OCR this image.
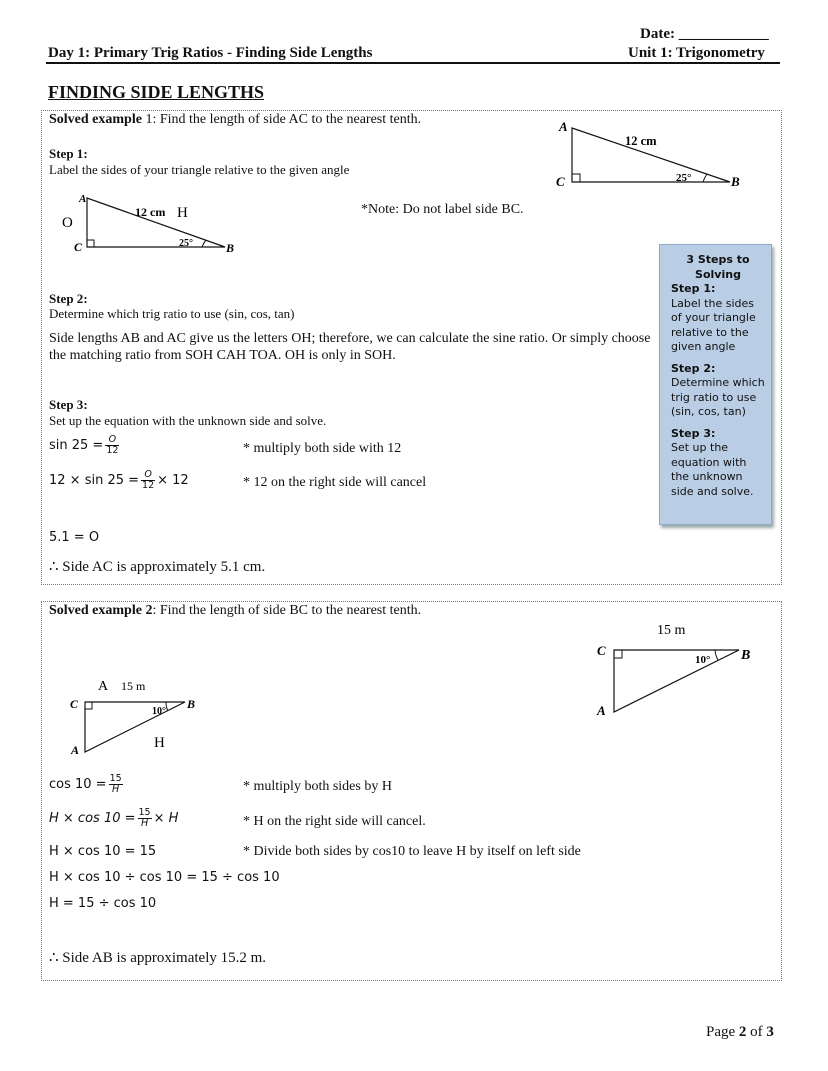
Date: ____________
Day 1: Primary Trig Ratios - Finding Side Lengths	Unit 1: Trigonometry
FINDING SIDE LENGTHS
Solved example 1: Find the length of side AC to the nearest tenth.	A
B
C
12 cm
25°
Step 1:
Label the sides of your triangle relative to the given angle
O
A
B
C
12 cm H
25°
*Note: Do not label side BC.
Step 2:
Determine which trig ratio to use (sin, cos, tan)
Side lengths AB and AC give us the letters OH; therefore, we can calculate the sine ratio. Or simply choose the matching ratio from SOH CAH TOA. OH is only in SOH.
Step 3:
Set up the equation with the unknown side and solve.
$\sin 25 = \frac{O}{12}$	* multiply both side with 12
$12 \times \sin 25 = \frac{O}{12} \times 12$	* 12 on the right side will cancel
5.1 = O
∴ Side AC is approximately 5.1 cm.
3 Steps to
Solving
Step 1:
Label the sides
of your triangle
relative to the
given angle
Step 2:
Determine which
trig ratio to use
(sin, cos, tan)
Step 3:
Set up the
equation with
the unknown
side and solve.
Solved example 2: Find the length of side BC to the nearest tenth.
15 m
C	B
A
10°
A 15 m
C	B
A
10°
H
$\cos 10 = \frac{15}{H}$	* multiply both sides by H
$H \times \cos 10 = \frac{15}{H} \times H$	* H on the right side will cancel.
H × cos 10 = 15	* Divide both sides by cos10 to leave H by itself on left side
H × cos 10 ÷ cos 10 = 15 ÷ cos 10
H = 15 ÷ cos 10
∴ Side AB is approximately 15.2 m.
Page 2 of 3
